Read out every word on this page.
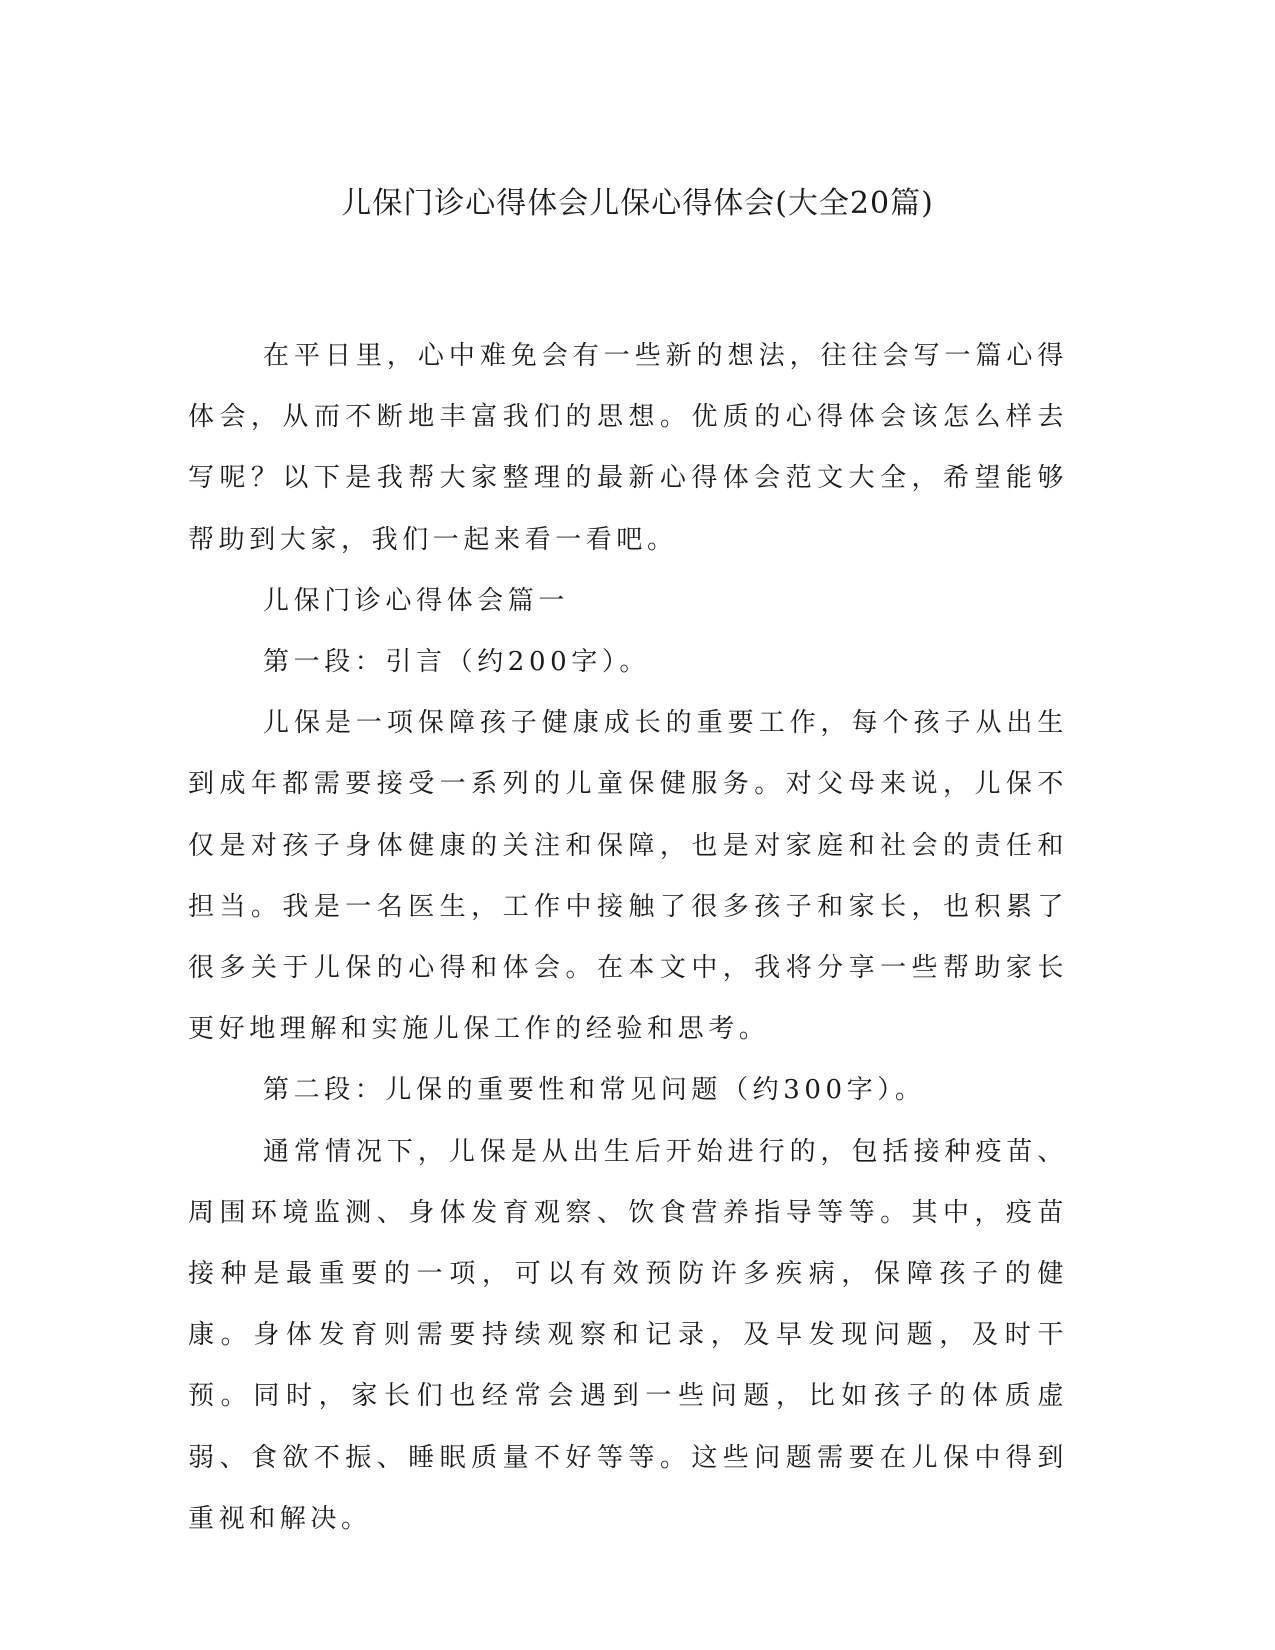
儿保门诊心得体会儿保心得体会(大全20篇)

在平日里，心中难免会有一些新的想法，往往会写一篇心得体会，从而不断地丰富我们的思想。优质的心得体会该怎么样去写呢？以下是我帮大家整理的最新心得体会范文大全，希望能够帮助到大家，我们一起来看一看吧。

儿保门诊心得体会篇一

第一段：引言（约200字）。

儿保是一项保障孩子健康成长的重要工作，每个孩子从出生到成年都需要接受一系列的儿童保健服务。对父母来说，儿保不仅是对孩子身体健康的关注和保障，也是对家庭和社会的责任和担当。我是一名医生，工作中接触了很多孩子和家长，也积累了很多关于儿保的心得和体会。在本文中，我将分享一些帮助家长更好地理解和实施儿保工作的经验和思考。

第二段：儿保的重要性和常见问题（约300字）。

通常情况下，儿保是从出生后开始进行的，包括接种疫苗、周围环境监测、身体发育观察、饮食营养指导等等。其中，疫苗接种是最重要的一项，可以有效预防许多疾病，保障孩子的健康。身体发育则需要持续观察和记录，及早发现问题，及时干预。同时，家长们也经常会遇到一些问题，比如孩子的体质虚弱、食欲不振、睡眠质量不好等等。这些问题需要在儿保中得到重视和解决。
